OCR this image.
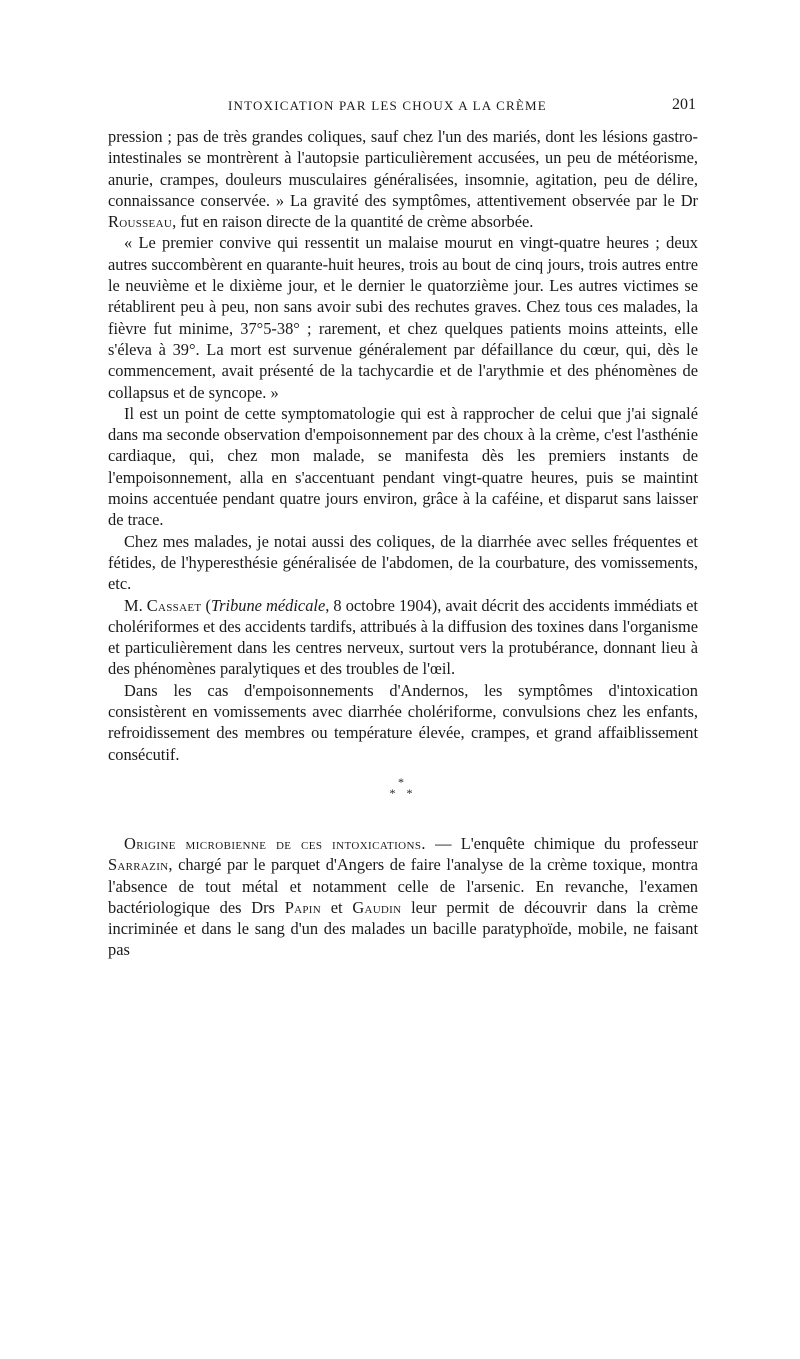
INTOXICATION PAR LES CHOUX A LA CRÈME	201

pression ; pas de très grandes coliques, sauf chez l'un des mariés, dont les lésions gastro-intestinales se montrèrent à l'autopsie particulièrement accusées, un peu de météorisme, anurie, crampes, douleurs musculaires généralisées, insomnie, agitation, peu de délire, connaissance conservée. » La gravité des symptômes, attentivement observée par le Dr Rousseau, fut en raison directe de la quantité de crème absorbée.

« Le premier convive qui ressentit un malaise mourut en vingt-quatre heures ; deux autres succombèrent en quarante-huit heures, trois au bout de cinq jours, trois autres entre le neuvième et le dixième jour, et le dernier le quatorzième jour. Les autres victimes se rétablirent peu à peu, non sans avoir subi des rechutes graves. Chez tous ces malades, la fièvre fut minime, 37°5-38° ; rarement, et chez quelques patients moins atteints, elle s'éleva à 39°. La mort est survenue généralement par défaillance du cœur, qui, dès le commencement, avait présenté de la tachycardie et de l'arythmie et des phénomènes de collapsus et de syncope. »

Il est un point de cette symptomatologie qui est à rapprocher de celui que j'ai signalé dans ma seconde observation d'empoisonnement par des choux à la crème, c'est l'asthénie cardiaque, qui, chez mon malade, se manifesta dès les premiers instants de l'empoisonnement, alla en s'accentuant pendant vingt-quatre heures, puis se maintint moins accentuée pendant quatre jours environ, grâce à la caféine, et disparut sans laisser de trace.

Chez mes malades, je notai aussi des coliques, de la diarrhée avec selles fréquentes et fétides, de l'hyperesthésie généralisée de l'abdomen, de la courbature, des vomissements, etc.

M. Cassaet (Tribune médicale, 8 octobre 1904), avait décrit des accidents immédiats et cholériformes et des accidents tardifs, attribués à la diffusion des toxines dans l'organisme et particulièrement dans les centres nerveux, surtout vers la protubérance, donnant lieu à des phénomènes paralytiques et des troubles de l'œil.

Dans les cas d'empoisonnements d'Andernos, les symptômes d'intoxication consistèrent en vomissements avec diarrhée cholériforme, convulsions chez les enfants, refroidissement des membres ou température élevée, crampes, et grand affaiblissement consécutif.

*
* *

Origine microbienne de ces intoxications. — L'enquête chimique du professeur Sarrazin, chargé par le parquet d'Angers de faire l'analyse de la crème toxique, montra l'absence de tout métal et notamment celle de l'arsenic. En revanche, l'examen bactériologique des Drs Papin et Gaudin leur permit de découvrir dans la crème incriminée et dans le sang d'un des malades un bacille paratyphoïde, mobile, ne faisant pas
